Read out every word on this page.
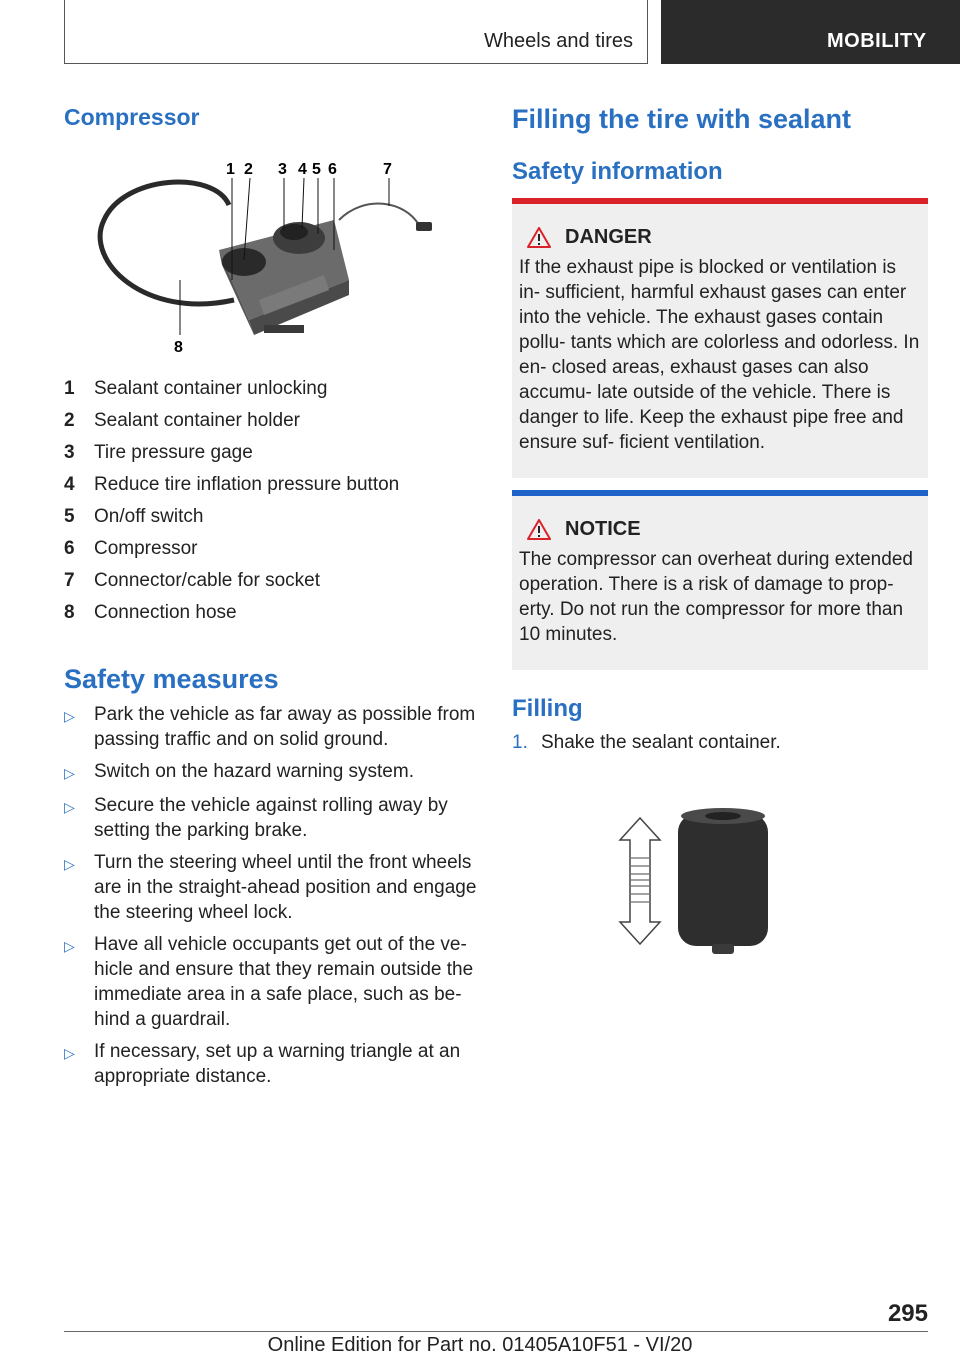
Wheels and tires	MOBILITY
Compressor
1 2 3 4 5 6	7
8
1	Sealant container unlocking
2	Sealant container holder
3	Tire pressure gage
4	Reduce tire inflation pressure button
5	On/off switch
6	Compressor
7	Connector/cable for socket
8	Connection hose
Safety measures
▷	Park the vehicle as far away as possible from passing traffic and on solid ground.
▷	Switch on the hazard warning system.
▷	Secure the vehicle against rolling away by setting the parking brake.
▷	Turn the steering wheel until the front wheels are in the straight-ahead position and engage the steering wheel lock.
▷	Have all vehicle occupants get out of the ve‐ hicle and ensure that they remain outside the immediate area in a safe place, such as be‐ hind a guardrail.
▷	If necessary, set up a warning triangle at an appropriate distance.
Filling the tire with sealant
Safety information
DANGER
If the exhaust pipe is blocked or ventilation is in‐ sufficient, harmful exhaust gases can enter into the vehicle. The exhaust gases contain pollu‐ tants which are colorless and odorless. In en‐ closed areas, exhaust gases can also accumu‐ late outside of the vehicle. There is danger to life. Keep the exhaust pipe free and ensure suf‐ ficient ventilation.
NOTICE
The compressor can overheat during extended operation. There is a risk of damage to prop‐ erty. Do not run the compressor for more than 10 minutes.
Filling
1. Shake the sealant container.
295
Online Edition for Part no. 01405A10F51 - VI/20
